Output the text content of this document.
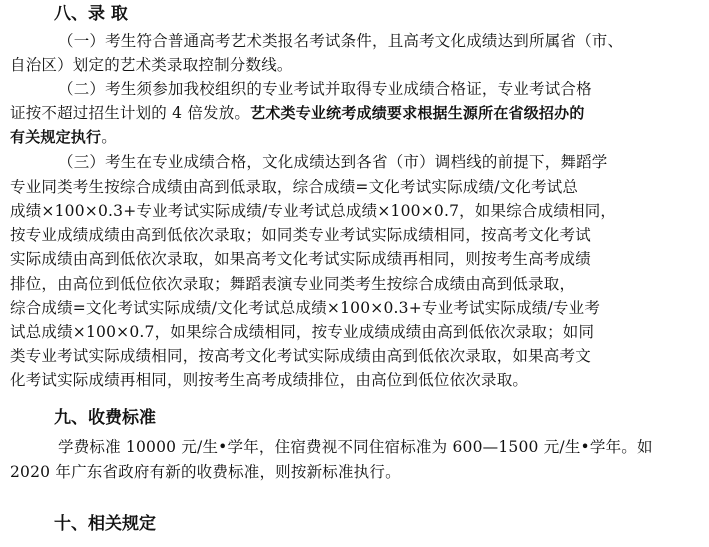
八、录 取
（一）考生符合普通高考艺术类报名考试条件，且高考文化成绩达到所属省（市、
自治区）划定的艺术类录取控制分数线。
（二）考生须参加我校组织的专业考试并取得专业成绩合格证，专业考试合格
证按不超过招生计划的 4 倍发放。艺术类专业统考成绩要求根据生源所在省级招办的
有关规定执行。
（三）考生在专业成绩合格，文化成绩达到各省（市）调档线的前提下，舞蹈学
专业同类考生按综合成绩由高到低录取，综合成绩=文化考试实际成绩/文化考试总
成绩×100×0.3+专业考试实际成绩/专业考试总成绩×100×0.7，如果综合成绩相同，
按专业成绩成绩由高到低依次录取；如同类专业考试实际成绩相同，按高考文化考试
实际成绩由高到低依次录取，如果高考文化考试实际成绩再相同，则按考生高考成绩
排位，由高位到低位依次录取；舞蹈表演专业同类考生按综合成绩由高到低录取，
综合成绩=文化考试实际成绩/文化考试总成绩×100×0.3+专业考试实际成绩/专业考
试总成绩×100×0.7，如果综合成绩相同，按专业成绩成绩由高到低依次录取；如同
类专业考试实际成绩相同，按高考文化考试实际成绩由高到低依次录取，如果高考文
化考试实际成绩再相同，则按考生高考成绩排位，由高位到低位依次录取。
九、收费标准
学费标准 10000 元/生•学年，住宿费视不同住宿标准为 600—1500 元/生•学年。如
2020 年广东省政府有新的收费标准，则按新标准执行。
十、相关规定
